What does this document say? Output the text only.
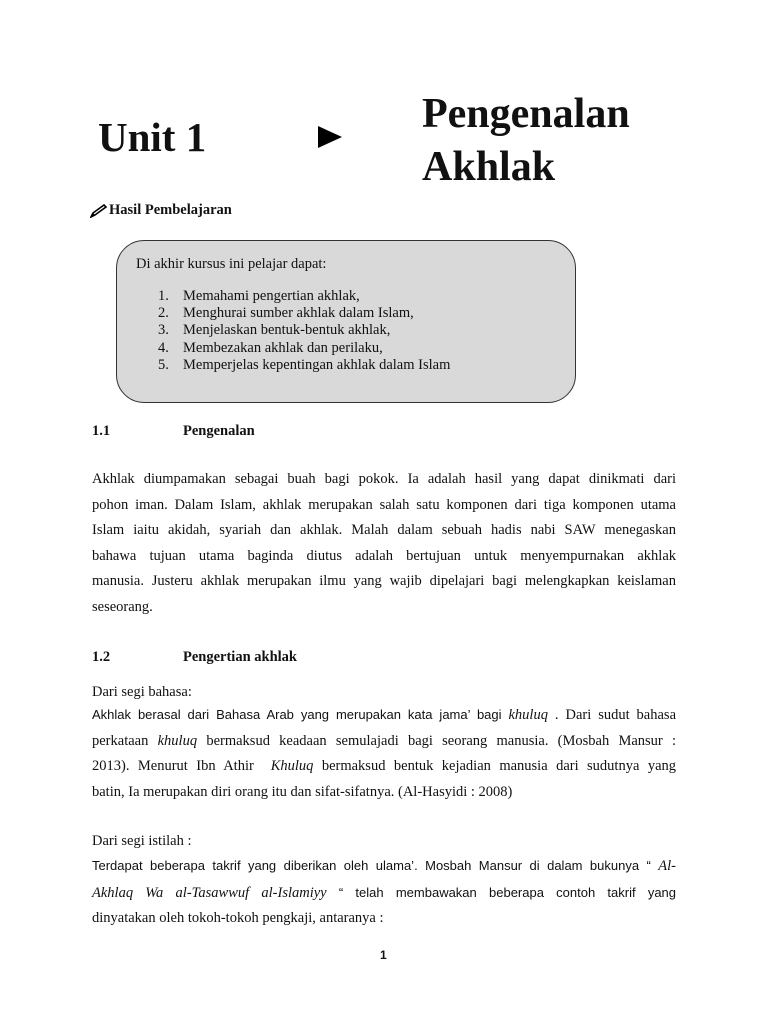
Unit 1	Pengenalan
Akhlak
Hasil Pembelajaran
Di akhir kursus ini pelajar dapat:
1. Memahami pengertian akhlak,
2. Menghurai sumber akhlak dalam Islam,
3. Menjelaskan bentuk-bentuk akhlak,
4. Membezakan akhlak dan perilaku,
5. Memperjelas kepentingan akhlak dalam Islam
1.1	Pengenalan
Akhlak diumpamakan sebagai buah bagi pokok. Ia adalah hasil yang dapat dinikmati dari
pohon iman. Dalam Islam, akhlak merupakan salah satu komponen dari tiga komponen utama
Islam iaitu akidah, syariah dan akhlak. Malah dalam sebuah hadis nabi SAW menegaskan
bahawa tujuan utama baginda diutus adalah bertujuan untuk menyempurnakan akhlak
manusia. Justeru akhlak merupakan ilmu yang wajib dipelajari bagi melengkapkan keislaman
seseorang.
1.2	Pengertian akhlak
Dari segi bahasa:
Akhlak berasal dari Bahasa Arab yang merupakan kata jama’ bagi khuluq . Dari sudut bahasa
perkataan khuluq bermaksud keadaan semulajadi bagi seorang manusia. (Mosbah Mansur :
2013). Menurut Ibn Athir Khuluq bermaksud bentuk kejadian manusia dari sudutnya yang
batin, Ia merupakan diri orang itu dan sifat-sifatnya. (Al-Hasyidi : 2008)
Dari segi istilah :
Terdapat beberapa takrif yang diberikan oleh ulama’. Mosbah Mansur di dalam bukunya “ Al-
Akhlaq Wa al-Tasawwuf al-Islamiyy “ telah membawakan beberapa contoh takrif yang
dinyatakan oleh tokoh-tokoh pengkaji, antaranya :
1
